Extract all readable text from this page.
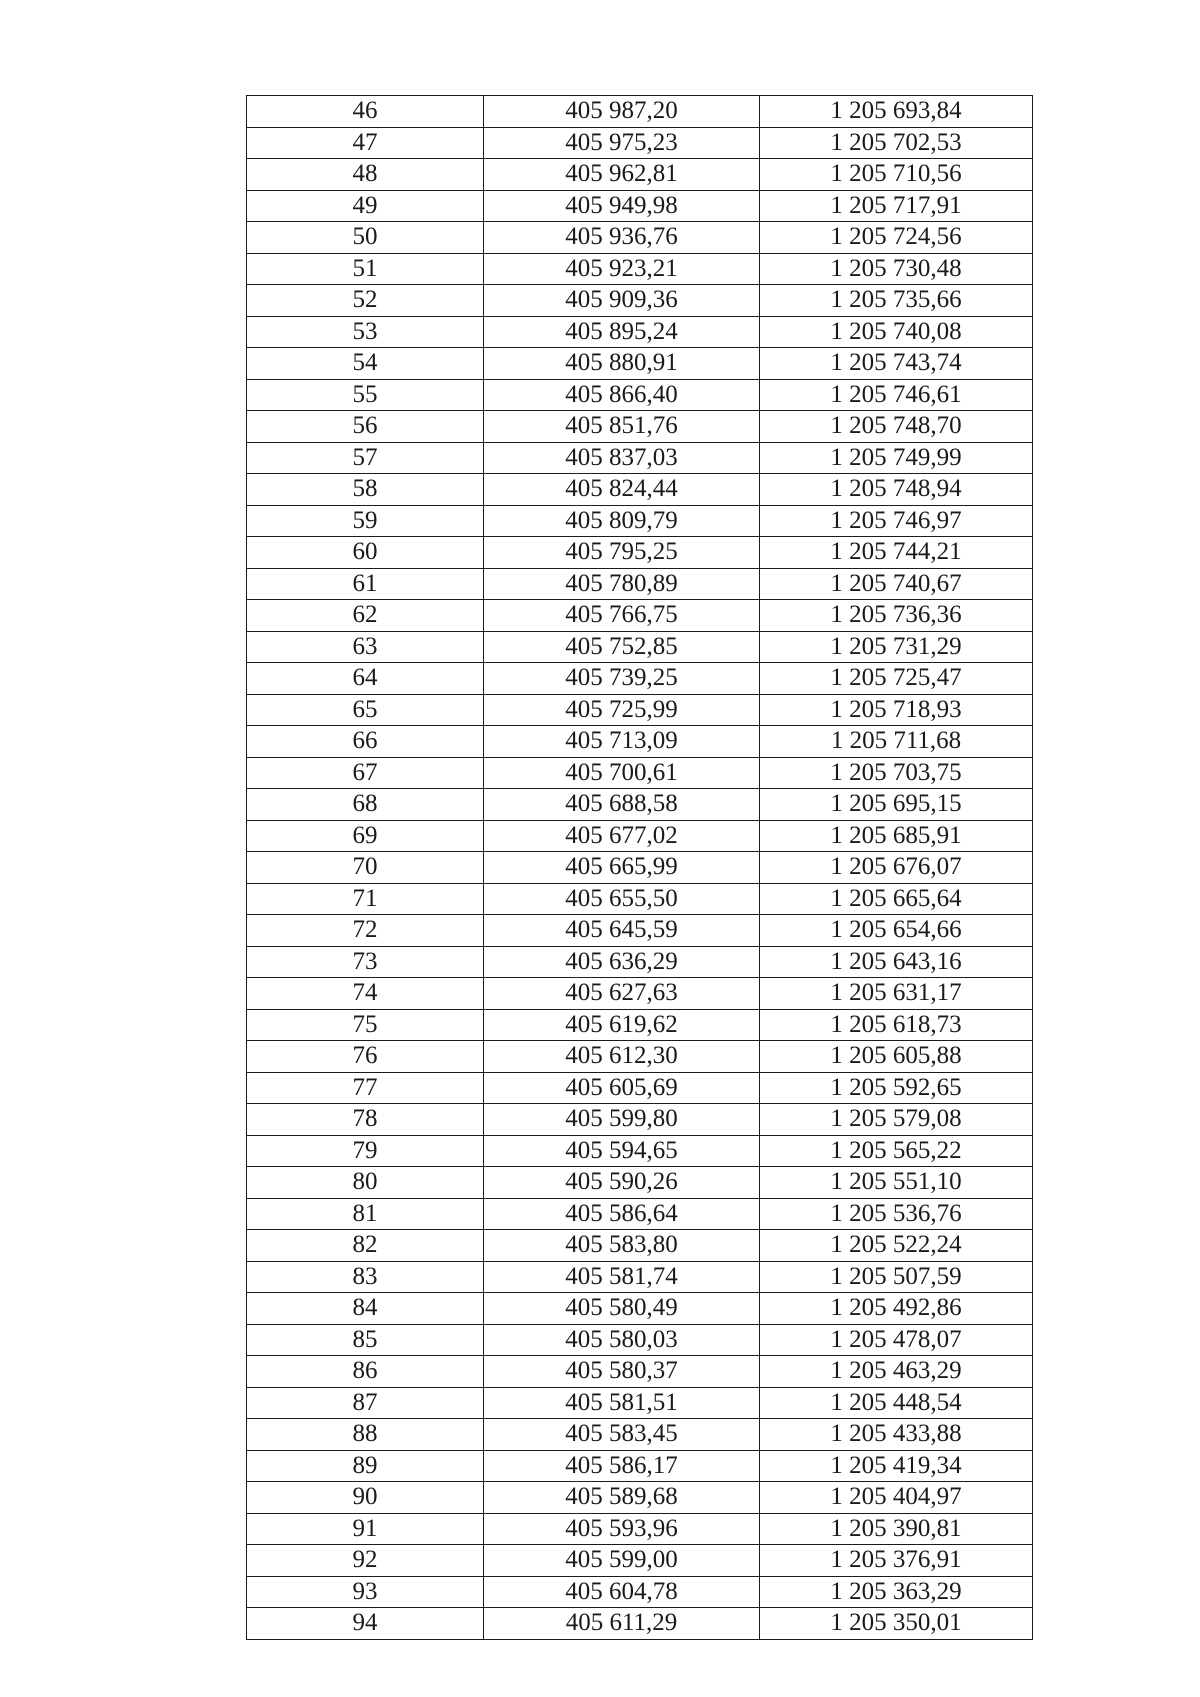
46	405 987,20	1 205 693,84
47	405 975,23	1 205 702,53
48	405 962,81	1 205 710,56
49	405 949,98	1 205 717,91
50	405 936,76	1 205 724,56
51	405 923,21	1 205 730,48
52	405 909,36	1 205 735,66
53	405 895,24	1 205 740,08
54	405 880,91	1 205 743,74
55	405 866,40	1 205 746,61
56	405 851,76	1 205 748,70
57	405 837,03	1 205 749,99
58	405 824,44	1 205 748,94
59	405 809,79	1 205 746,97
60	405 795,25	1 205 744,21
61	405 780,89	1 205 740,67
62	405 766,75	1 205 736,36
63	405 752,85	1 205 731,29
64	405 739,25	1 205 725,47
65	405 725,99	1 205 718,93
66	405 713,09	1 205 711,68
67	405 700,61	1 205 703,75
68	405 688,58	1 205 695,15
69	405 677,02	1 205 685,91
70	405 665,99	1 205 676,07
71	405 655,50	1 205 665,64
72	405 645,59	1 205 654,66
73	405 636,29	1 205 643,16
74	405 627,63	1 205 631,17
75	405 619,62	1 205 618,73
76	405 612,30	1 205 605,88
77	405 605,69	1 205 592,65
78	405 599,80	1 205 579,08
79	405 594,65	1 205 565,22
80	405 590,26	1 205 551,10
81	405 586,64	1 205 536,76
82	405 583,80	1 205 522,24
83	405 581,74	1 205 507,59
84	405 580,49	1 205 492,86
85	405 580,03	1 205 478,07
86	405 580,37	1 205 463,29
87	405 581,51	1 205 448,54
88	405 583,45	1 205 433,88
89	405 586,17	1 205 419,34
90	405 589,68	1 205 404,97
91	405 593,96	1 205 390,81
92	405 599,00	1 205 376,91
93	405 604,78	1 205 363,29
94	405 611,29	1 205 350,01
